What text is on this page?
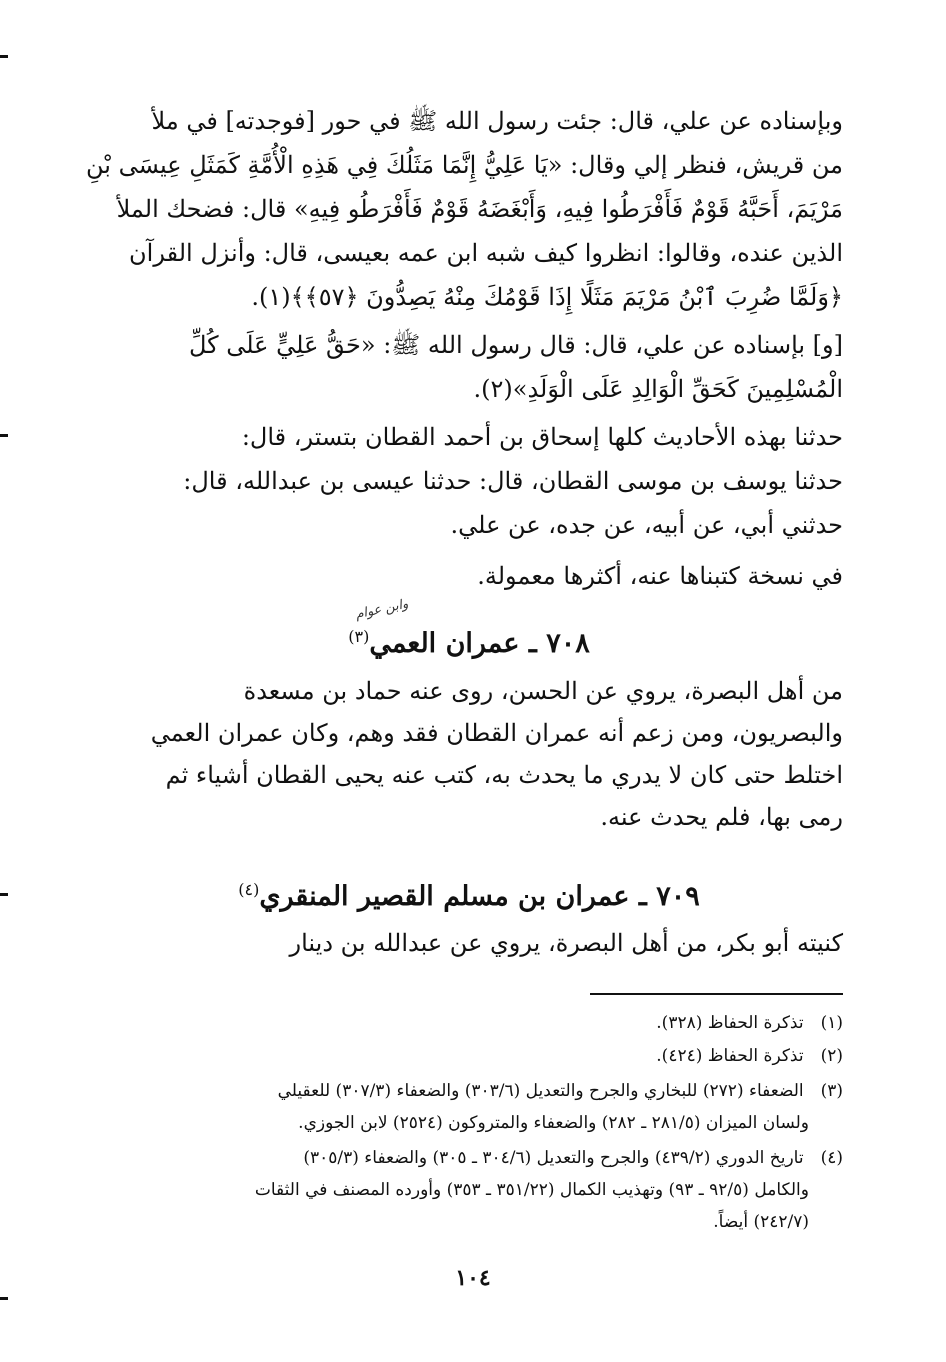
وبإسناده عن علي، قال: جئت رسول الله ﷺ في حور [فوجدته] في ملأ
من قريش، فنظر إلي وقال: «يَا عَلِيُّ إِنَّمَا مَثَلُكَ فِي هَذِهِ الْأُمَّةِ كَمَثَلِ عِيسَى بْنِ
مَرْيَمَ، أَحَبَّهُ قَوْمٌ فَأَفْرَطُوا فِيهِ، وَأَبْغَضَهُ قَوْمٌ فَأَفْرَطُو فِيهِ» قال: فضحك الملأ
الذين عنده، وقالوا: انظروا كيف شبه ابن عمه بعيسى، قال: وأنزل القرآن
﴿وَلَمَّا ضُرِبَ ٱبْنُ مَرْيَمَ مَثَلًا إِذَا قَوْمُكَ مِنْهُ يَصِدُّونَ ﴿٥٧﴾﴾(١).
[و] بإسناده عن علي، قال: قال رسول الله ﷺ: «حَقُّ عَلِيٍّ عَلَى كُلِّ
الْمُسْلِمِينَ كَحَقِّ الْوَالِدِ عَلَى الْوَلَدِ»(٢).
حدثنا بهذه الأحاديث كلها إسحاق بن أحمد القطان بتستر، قال:
حدثنا يوسف بن موسى القطان، قال: حدثنا عيسى بن عبدالله، قال:
حدثني أبي، عن أبيه، عن جده، عن علي.
في نسخة كتبناها عنه، أكثرها معمولة.
وابن عوام
٧٠٨ ـ عمران العمي$^{(٣)}$
من أهل البصرة، يروي عن الحسن، روى عنه حماد بن مسعدة
والبصريون، ومن زعم أنه عمران القطان فقد وهم، وكان عمران العمي
اختلط حتى كان لا يدري ما يحدث به، كتب عنه يحيى القطان أشياء ثم
رمى بها، فلم يحدث عنه.
٧٠٩ ـ عمران بن مسلم القصير المنقري$^{(٤)}$
كنيته أبو بكر، من أهل البصرة، يروي عن عبدالله بن دينار
(١) تذكرة الحفاظ (٣٢٨).
(٢) تذكرة الحفاظ (٤٢٤).
(٣) الضعفاء (٢٧٢) للبخاري والجرح والتعديل (٣٠٣/٦) والضعفاء (٣٠٧/٣) للعقيلي
ولسان الميزان (٢٨١/٥ ـ ٢٨٢) والضعفاء والمتروكون (٢٥٢٤) لابن الجوزي.
(٤) تاريخ الدوري (٤٣٩/٢) والجرح والتعديل (٣٠٤/٦ ـ ٣٠٥) والضعفاء (٣٠٥/٣)
والكامل (٩٢/٥ ـ ٩٣) وتهذيب الكمال (٣٥١/٢٢ ـ ٣٥٣) وأورده المصنف في الثقات
(٢٤٢/٧) أيضاً.
١٠٤
